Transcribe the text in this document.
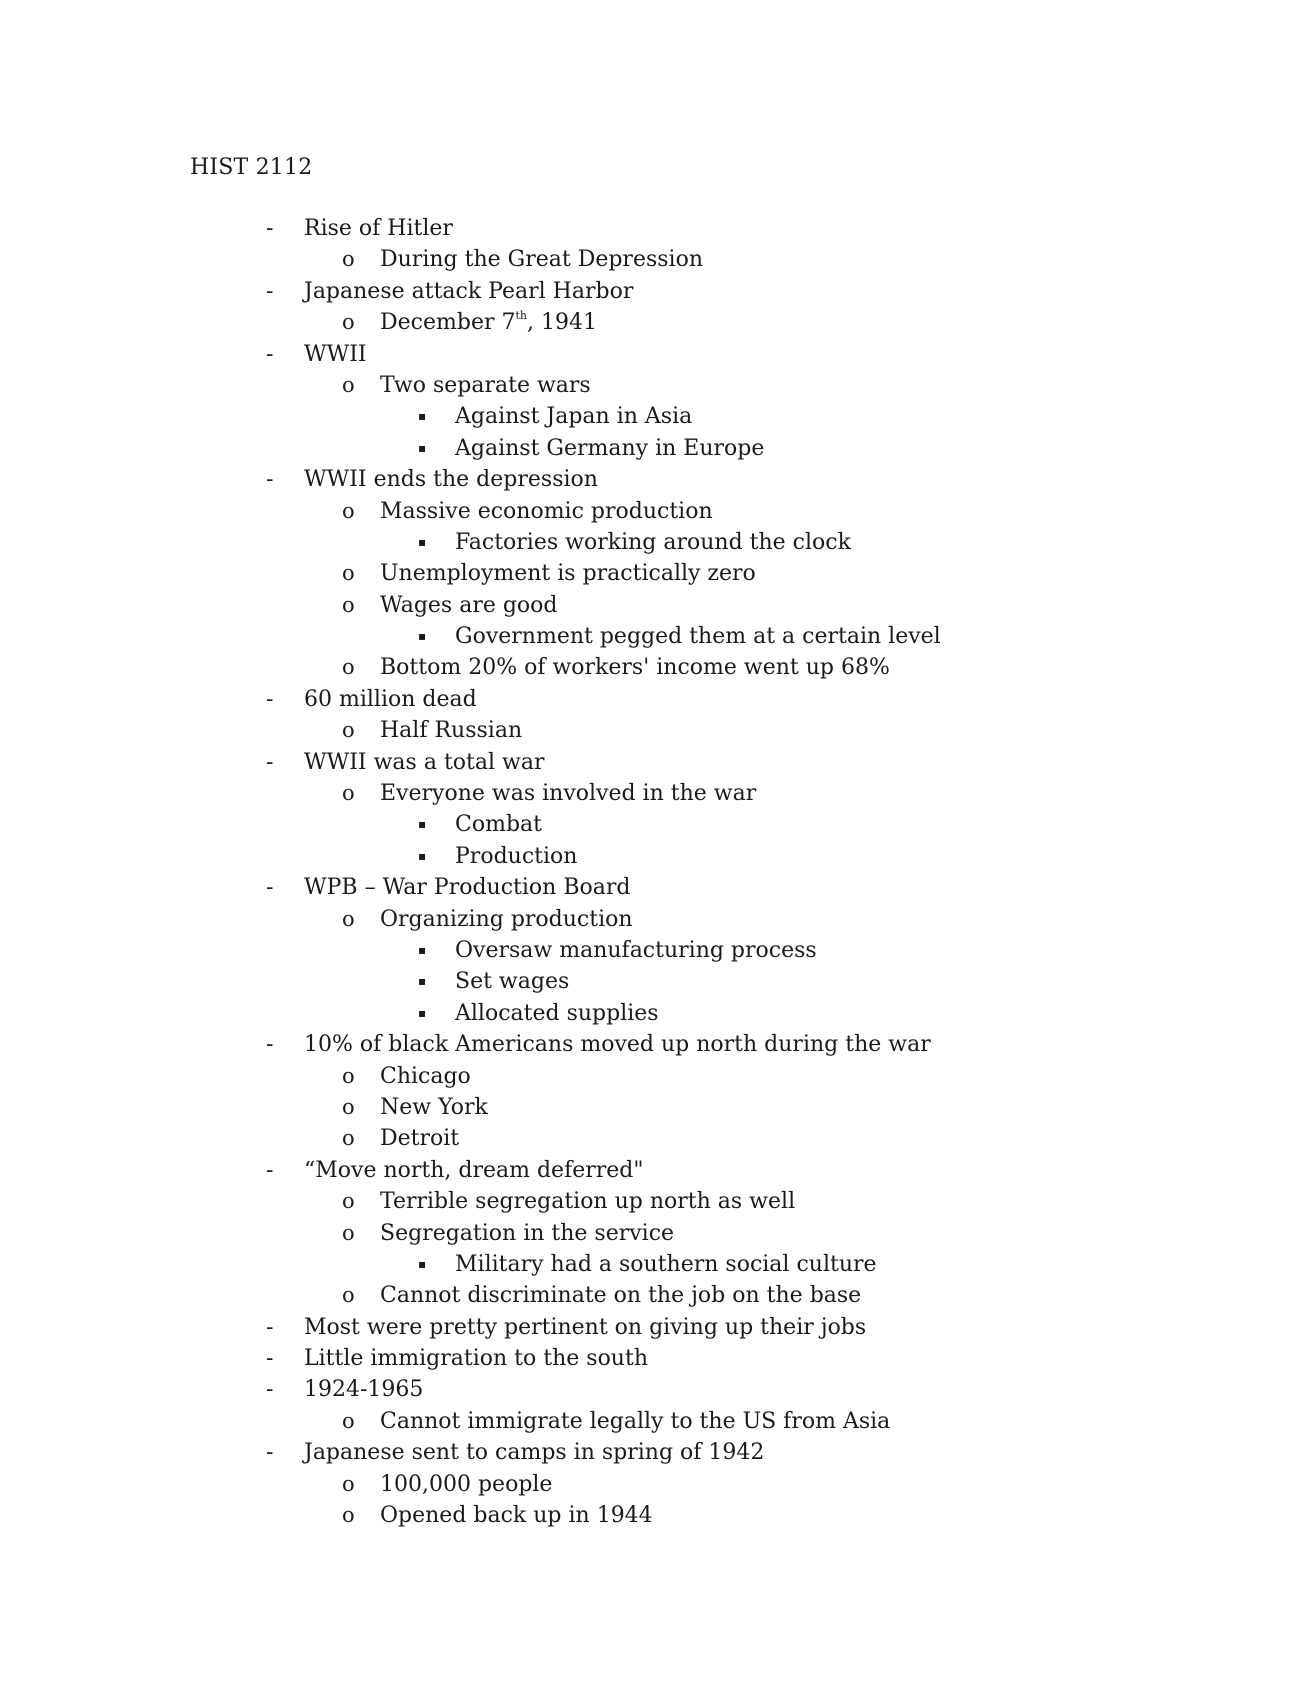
HIST 2112
- Rise of Hitler
o During the Great Depression
- Japanese attack Pearl Harbor
o December 7th, 1941
- WWII
o Two separate wars
▪ Against Japan in Asia
▪ Against Germany in Europe
- WWII ends the depression
o Massive economic production
▪ Factories working around the clock
o Unemployment is practically zero
o Wages are good
▪ Government pegged them at a certain level
o Bottom 20% of workers' income went up 68%
- 60 million dead
o Half Russian
- WWII was a total war
o Everyone was involved in the war
▪ Combat
▪ Production
- WPB – War Production Board
o Organizing production
▪ Oversaw manufacturing process
▪ Set wages
▪ Allocated supplies
- 10% of black Americans moved up north during the war
o Chicago
o New York
o Detroit
- “Move north, dream deferred"
o Terrible segregation up north as well
o Segregation in the service
▪ Military had a southern social culture
o Cannot discriminate on the job on the base
- Most were pretty pertinent on giving up their jobs
- Little immigration to the south
- 1924-1965
o Cannot immigrate legally to the US from Asia
- Japanese sent to camps in spring of 1942
o 100,000 people
o Opened back up in 1944
